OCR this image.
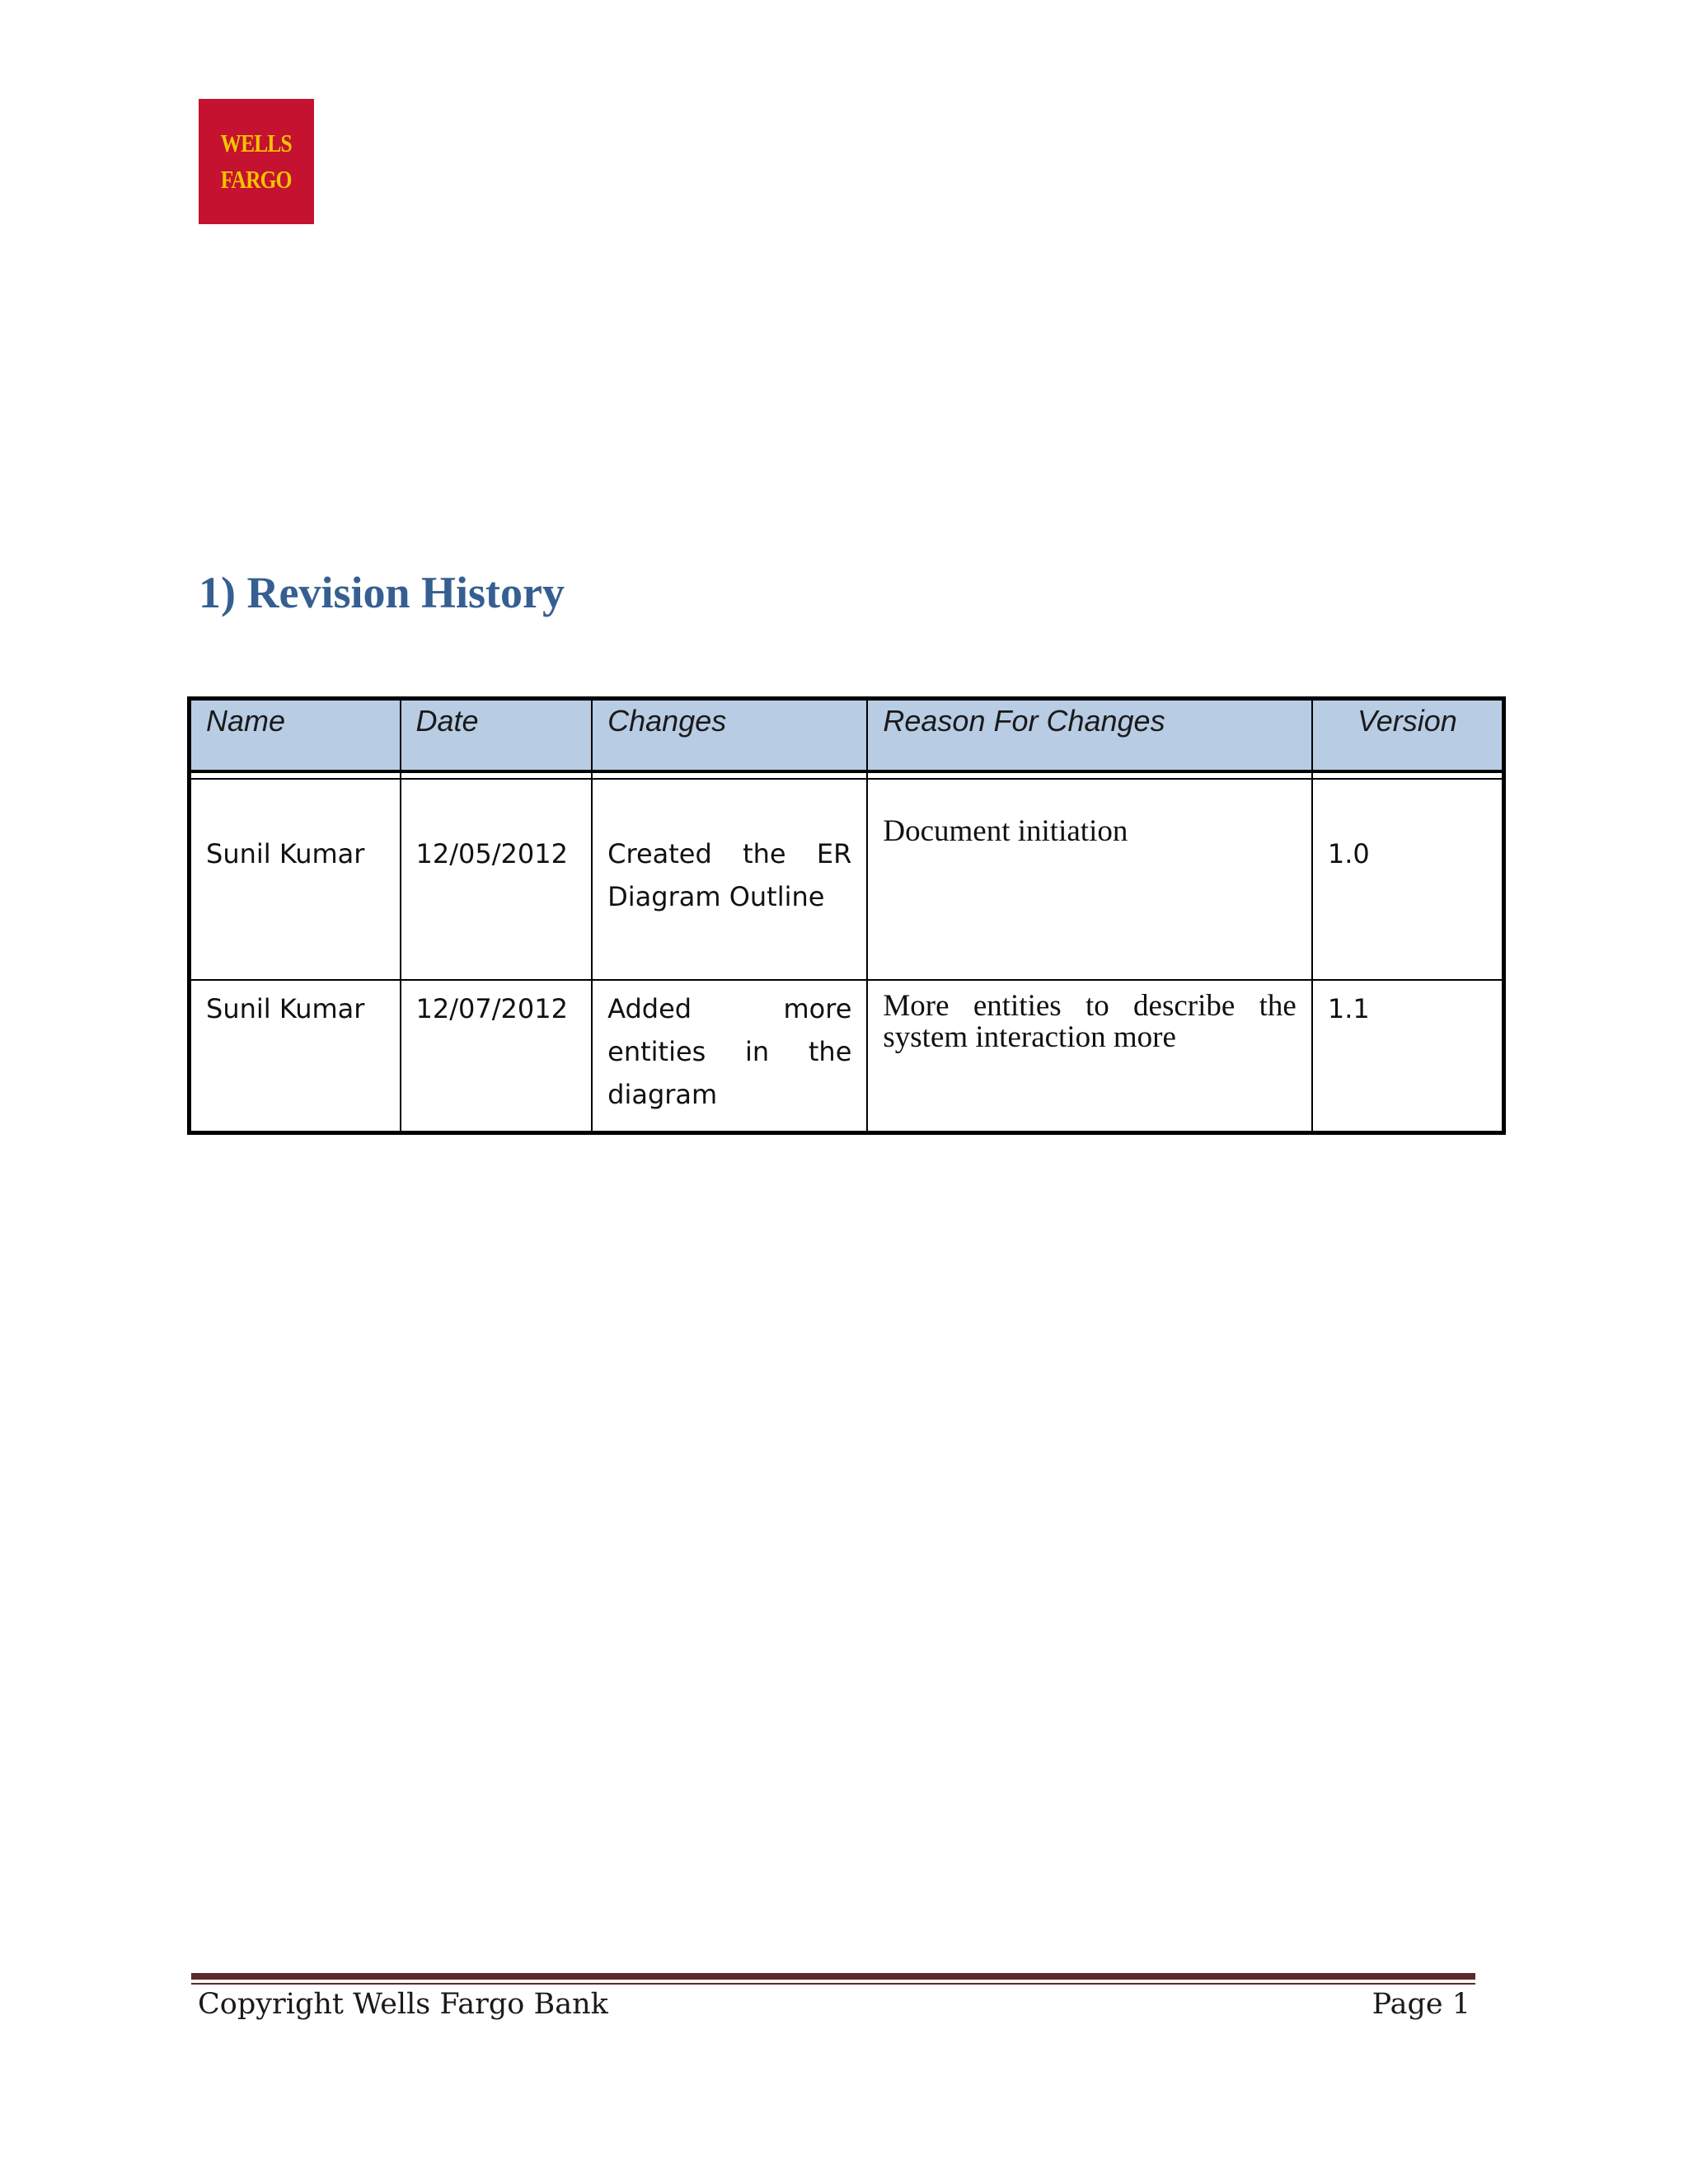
WELLS
FARGO
1) Revision History
Name	Date	Changes	Reason For Changes	Version

Sunil Kumar	12/05/2012	Created the ER Diagram Outline	Document initiation	1.0
Sunil Kumar	12/07/2012	Added more entities in the diagram	More entities to describe the system interaction more	1.1
Copyright Wells Fargo Bank	Page 1
